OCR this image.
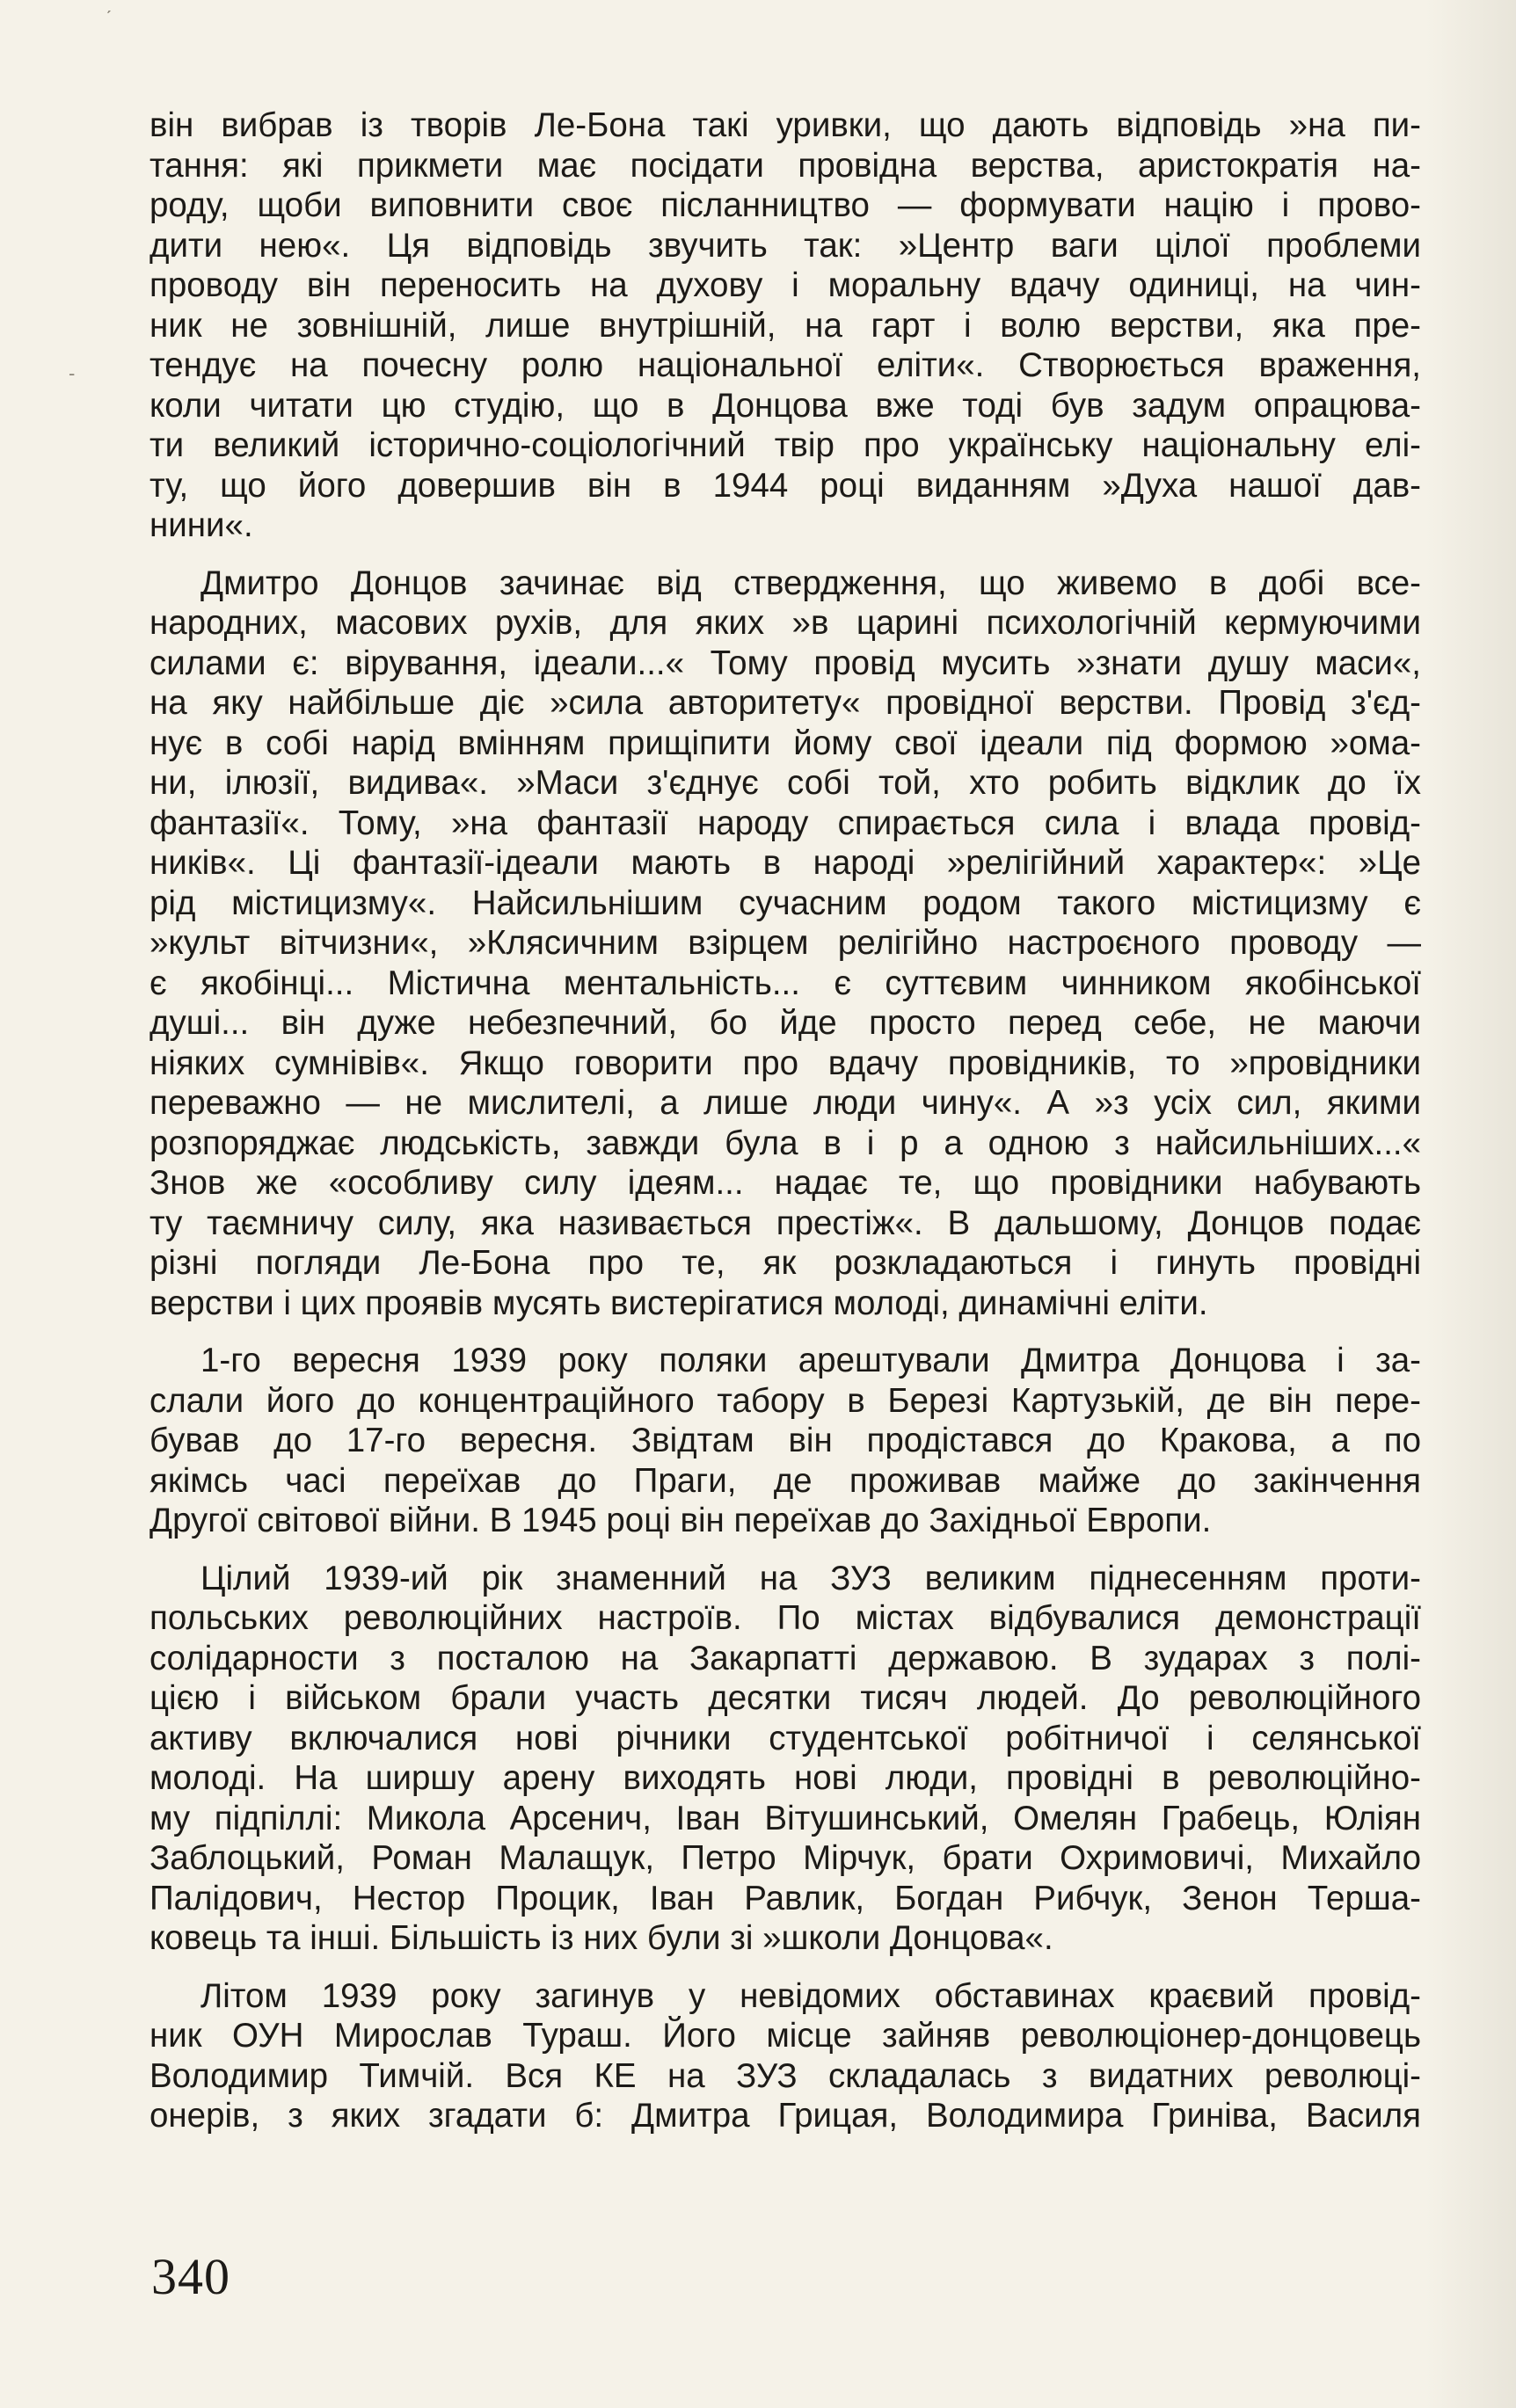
ˊ
-
він вибрав із творів Ле-Бона такі уривки, що дають відповідь »на пи-
тання: які прикмети має посідати провідна верства, аристократія на-
роду, щоби виповнити своє післанництво — формувати націю і прово-
дити нею«. Ця відповідь звучить так: »Центр ваги цілої проблеми
проводу він переносить на духову і моральну вдачу одиниці, на чин-
ник не зовнішній, лише внутрішній, на гарт і волю верстви, яка пре-
тендує на почесну ролю національної еліти«. Створюється враження,
коли читати цю студію, що в Донцова вже тоді був задум опрацюва-
ти великий історично-соціологічний твір про українську національну елі-
ту, що його довершив він в 1944 році виданням »Духа нашої дав-
нини«.
Дмитро Донцов зачинає від ствердження, що живемо в добі все-
народних, масових рухів, для яких »в царині психологічній кермуючими
силами є: вірування, ідеали...« Тому провід мусить »знати душу маси«,
на яку найбільше діє »сила авторитету« провідної верстви. Провід з'єд-
нує в собі нарід вмінням прищіпити йому свої ідеали під формою »ома-
ни, ілюзії, видива«. »Маси з'єднує собі той, хто робить відклик до їх
фантазії«. Тому, »на фантазії народу спирається сила і влада провід-
ників«. Ці фантазії-ідеали мають в народі »релігійний характер«: »Це
рід містицизму«. Найсильнішим сучасним родом такого містицизму є
»культ вітчизни«, »Клясичним взірцем релігійно настроєного проводу —
є якобінці... Містична ментальність... є суттєвим чинником якобінської
душі... він дуже небезпечний, бо йде просто перед себе, не маючи
ніяких сумнівів«. Якщо говорити про вдачу провідників, то »провідники
переважно — не мислителі, а лише люди чину«. А »з усіх сил, якими
розпоряджає людськість, завжди була в і р а одною з найсильніших...«
Знов же «особливу силу ідеям... надає те, що провідники набувають
ту таємничу силу, яка називається престіж«. В дальшому, Донцов подає
різні погляди Ле-Бона про те, як розкладаються і гинуть провідні
верстви і цих проявів мусять вистерігатися молоді, динамічні еліти.
1-го вересня 1939 року поляки арештували Дмитра Донцова і за-
слали його до концентраційного табору в Березі Картузькій, де він пере-
бував до 17-го вересня. Звідтам він продістався до Кракова, а по
якімсь часі переїхав до Праги, де проживав майже до закінчення
Другої світової війни. В 1945 році він переїхав до Західньої Европи.
Цілий 1939-ий рік знаменний на ЗУЗ великим піднесенням проти-
польських революційних настроїв. По містах відбувалися демонстрації
солідарности з посталою на Закарпатті державою. В зударах з полі-
цією і військом брали участь десятки тисяч людей. До революційного
активу включалися нові річники студентської робітничої і селянської
молоді. На ширшу арену виходять нові люди, провідні в революційно-
му підпіллі: Микола Арсенич, Іван Вітушинський, Омелян Грабець, Юліян
Заблоцький, Роман Малащук, Петро Мірчук, брати Охримовичі, Михайло
Палідович, Нестор Процик, Іван Равлик, Богдан Рибчук, Зенон Терша-
ковець та інші. Більшість із них були зі »школи Донцова«.
Літом 1939 року загинув у невідомих обставинах краєвий провід-
ник ОУН Мирослав Тураш. Його місце зайняв революціонер-донцовець
Володимир Тимчій. Вся КЕ на ЗУЗ складалась з видатних революці-
онерів, з яких згадати б: Дмитра Грицая, Володимира Гриніва, Василя
340
